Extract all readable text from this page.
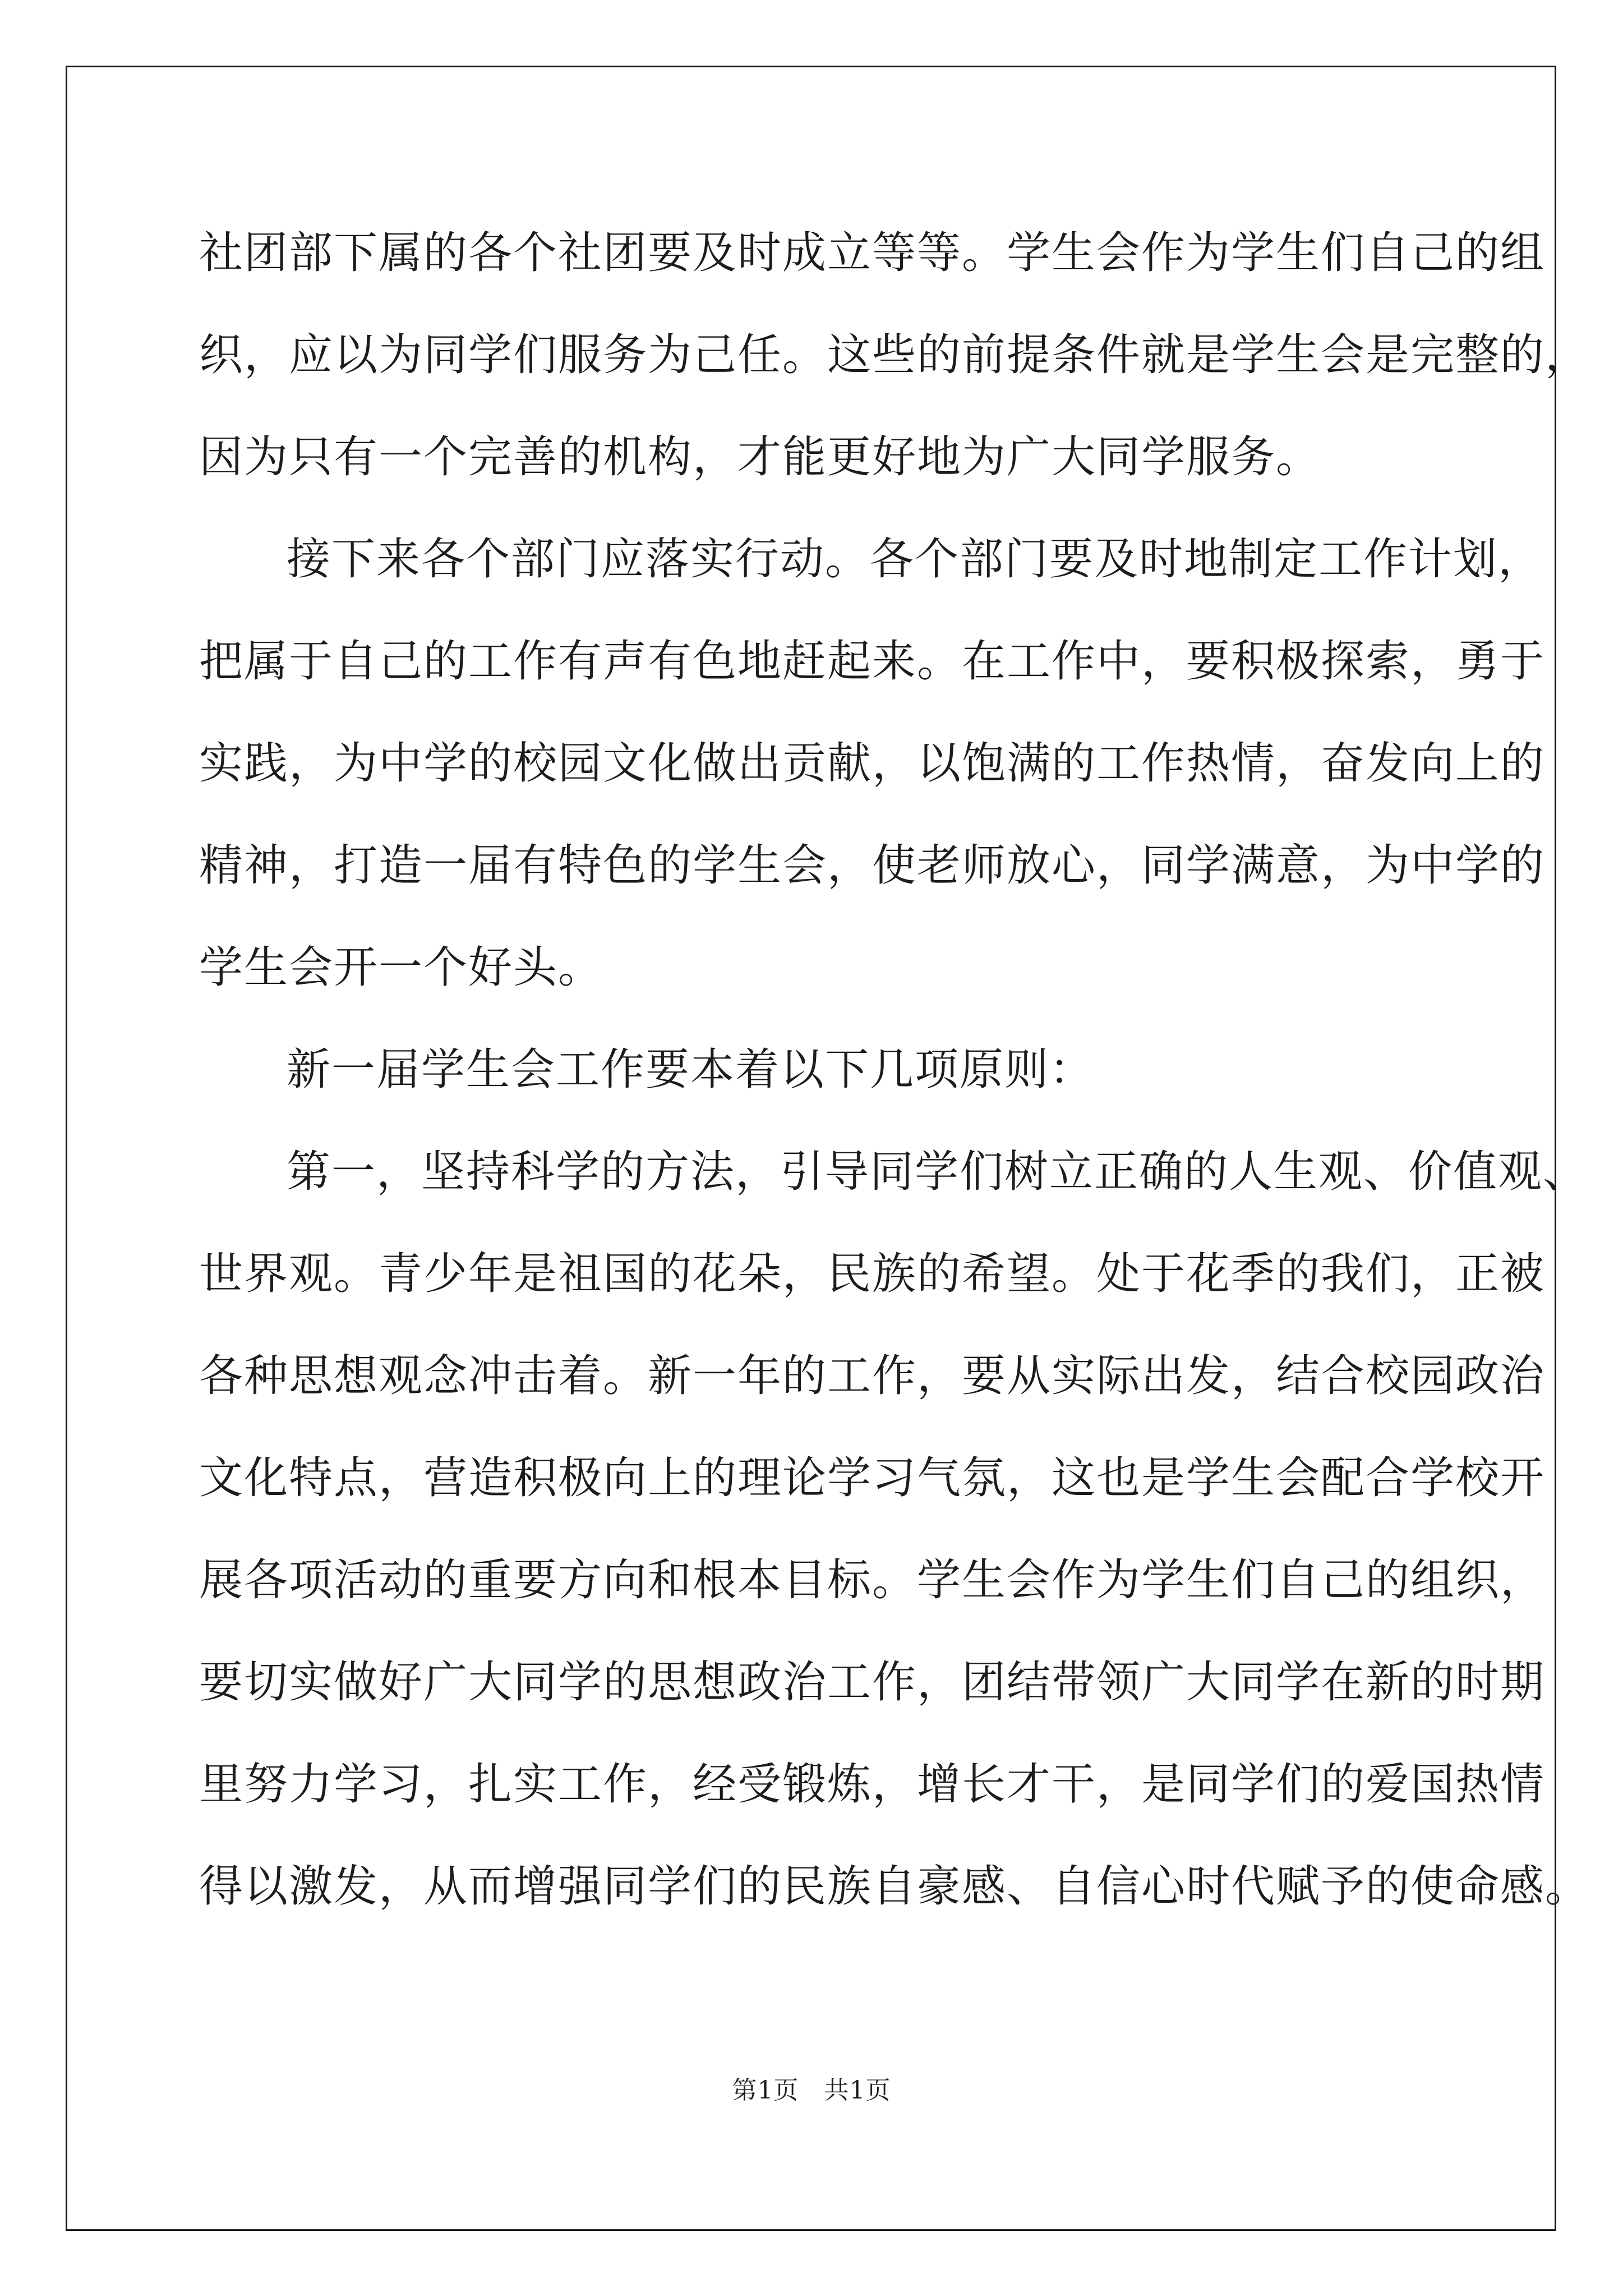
社团部下属的各个社团要及时成立等等。学生会作为学生们自己的组
织，应以为同学们服务为己任。这些的前提条件就是学生会是完整的，
因为只有一个完善的机构，才能更好地为广大同学服务。
接下来各个部门应落实行动。各个部门要及时地制定工作计划，
把属于自己的工作有声有色地赶起来。在工作中，要积极探索，勇于
实践，为中学的校园文化做出贡献，以饱满的工作热情，奋发向上的
精神，打造一届有特色的学生会，使老师放心，同学满意，为中学的
学生会开一个好头。
新一届学生会工作要本着以下几项原则：
第一，坚持科学的方法，引导同学们树立正确的人生观、价值观、
世界观。青少年是祖国的花朵，民族的希望。处于花季的我们，正被
各种思想观念冲击着。新一年的工作，要从实际出发，结合校园政治
文化特点，营造积极向上的理论学习气氛，这也是学生会配合学校开
展各项活动的重要方向和根本目标。学生会作为学生们自己的组织，
要切实做好广大同学的思想政治工作，团结带领广大同学在新的时期
里努力学习，扎实工作，经受锻炼，增长才干，是同学们的爱国热情
得以激发，从而增强同学们的民族自豪感、自信心时代赋予的使命感。
第1页　共1页
